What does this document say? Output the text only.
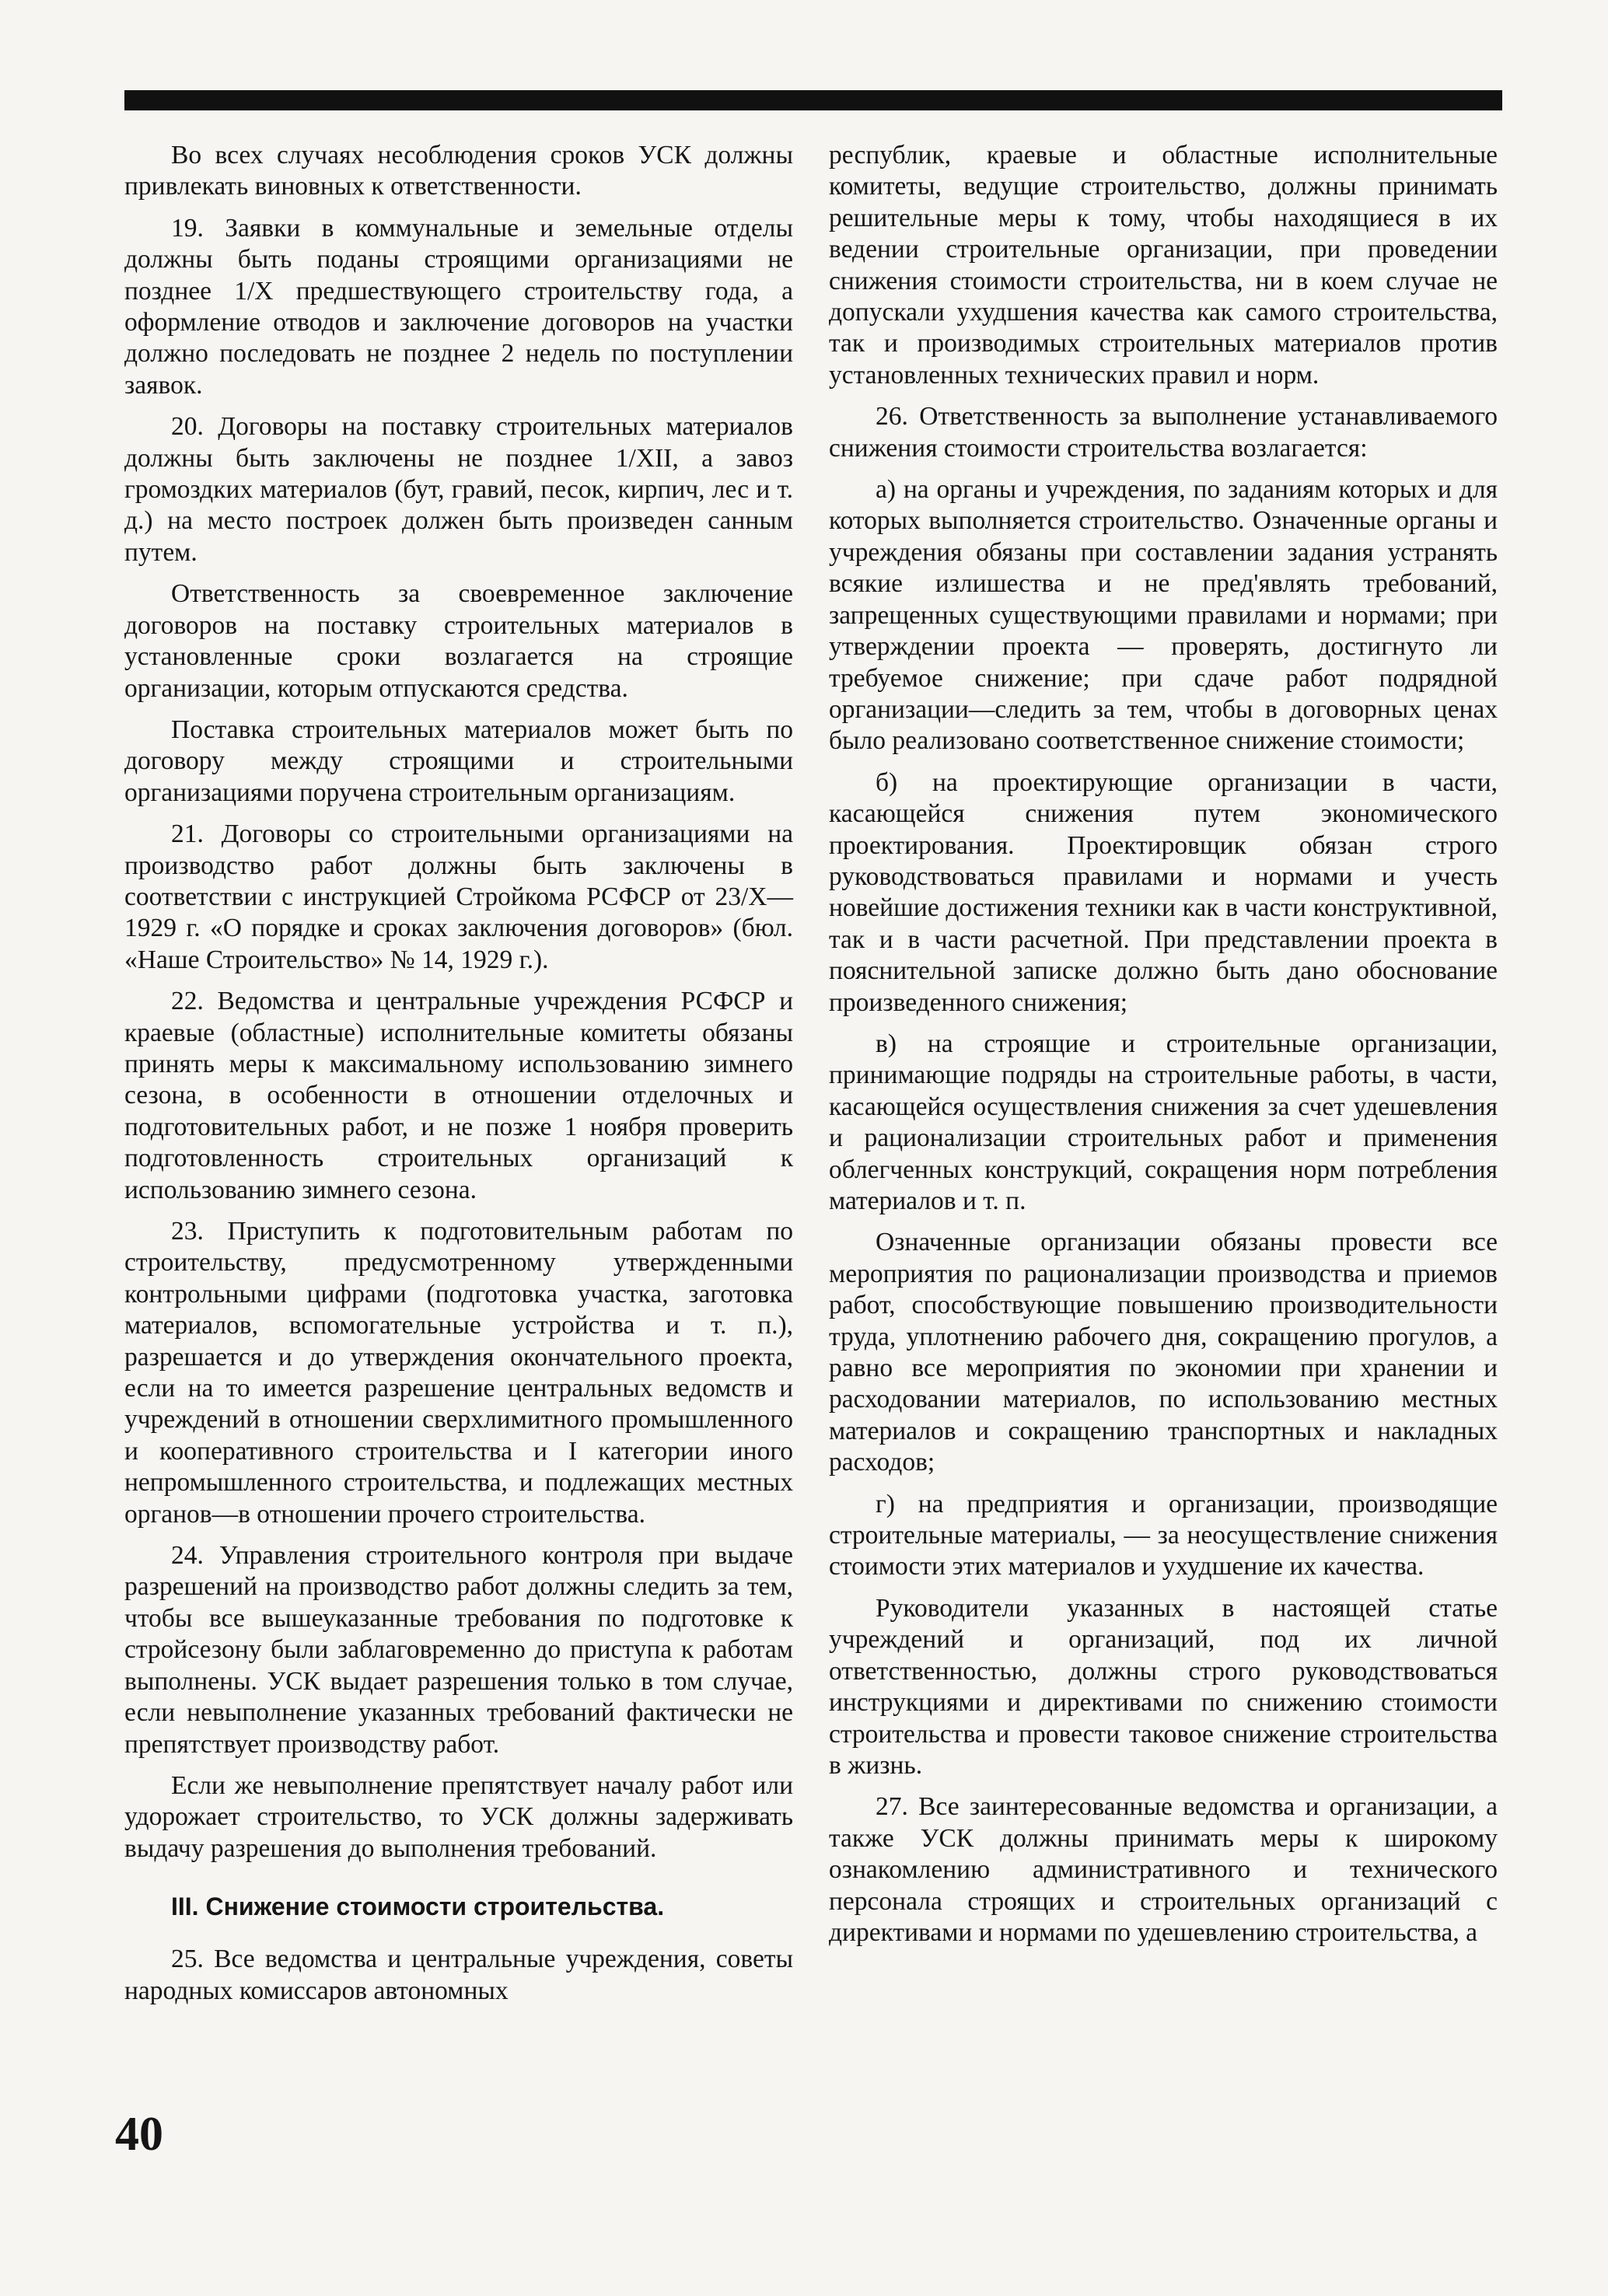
Во всех случаях несоблюдения сроков УСК должны привлекать виновных к ответственности.

19. Заявки в коммунальные и земельные отделы должны быть поданы строящими организациями не позднее 1/X предшествующего строительству года, а оформление отводов и заключение договоров на участки должно последовать не позднее 2 недель по поступлении заявок.

20. Договоры на поставку строительных материалов должны быть заключены не позднее 1/XII, а завоз громоздких материалов (бут, гравий, песок, кирпич, лес и т. д.) на место построек должен быть произведен санным путем.

Ответственность за своевременное заключение договоров на поставку строительных материалов в установленные сроки возлагается на строящие организации, которым отпускаются средства.

Поставка строительных материалов может быть по договору между строящими и строительными организациями поручена строительным организациям.

21. Договоры со строительными организациями на производство работ должны быть заключены в соответствии с инструкцией Стройкома РСФСР от 23/X—1929 г. «О порядке и сроках заключения договоров» (бюл. «Наше Строительство» № 14, 1929 г.).

22. Ведомства и центральные учреждения РСФСР и краевые (областные) исполнительные комитеты обязаны принять меры к максимальному использованию зимнего сезона, в особенности в отношении отделочных и подготовительных работ, и не позже 1 ноября проверить подготовленность строительных организаций к использованию зимнего сезона.

23. Приступить к подготовительным работам по строительству, предусмотренному утвержденными контрольными цифрами (подготовка участка, заготовка материалов, вспомогательные устройства и т. п.), разрешается и до утверждения окончательного проекта, если на то имеется разрешение центральных ведомств и учреждений в отношении сверхлимитного промышленного и кооперативного строительства и I категории иного непромышленного строительства, и подлежащих местных органов—в отношении прочего строительства.

24. Управления строительного контроля при выдаче разрешений на производство работ должны следить за тем, чтобы все вышеуказанные требования по подготовке к стройсезону были заблаговременно до приступа к работам выполнены. УСК выдает разрешения только в том случае, если невыполнение указанных требований фактически не препятствует производству работ.

Если же невыполнение препятствует началу работ или удорожает строительство, то УСК должны задерживать выдачу разрешения до выполнения требований.

III. Снижение стоимости строительства.

25. Все ведомства и центральные учреждения, советы народных комиссаров автономных

республик, краевые и областные исполнительные комитеты, ведущие строительство, должны принимать решительные меры к тому, чтобы находящиеся в их ведении строительные организации, при проведении снижения стоимости строительства, ни в коем случае не допускали ухудшения качества как самого строительства, так и производимых строительных материалов против установленных технических правил и норм.

26. Ответственность за выполнение устанавливаемого снижения стоимости строительства возлагается:

а) на органы и учреждения, по заданиям которых и для которых выполняется строительство. Означенные органы и учреждения обязаны при составлении задания устранять всякие излишества и не пред'являть требований, запрещенных существующими правилами и нормами; при утверждении проекта — проверять, достигнуто ли требуемое снижение; при сдаче работ подрядной организации—следить за тем, чтобы в договорных ценах было реализовано соответственное снижение стоимости;

б) на проектирующие организации в части, касающейся снижения путем экономического проектирования. Проектировщик обязан строго руководствоваться правилами и нормами и учесть новейшие достижения техники как в части конструктивной, так и в части расчетной. При представлении проекта в пояснительной записке должно быть дано обоснование произведенного снижения;

в) на строящие и строительные организации, принимающие подряды на строительные работы, в части, касающейся осуществления снижения за счет удешевления и рационализации строительных работ и применения облегченных конструкций, сокращения норм потребления материалов и т. п.

Означенные организации обязаны провести все мероприятия по рационализации производства и приемов работ, способствующие повышению производительности труда, уплотнению рабочего дня, сокращению прогулов, а равно все мероприятия по экономии при хранении и расходовании материалов, по использованию местных материалов и сокращению транспортных и накладных расходов;

г) на предприятия и организации, производящие строительные материалы, — за неосуществление снижения стоимости этих материалов и ухудшение их качества.

Руководители указанных в настоящей статье учреждений и организаций, под их личной ответственностью, должны строго руководствоваться инструкциями и директивами по снижению стоимости строительства и провести таковое снижение строительства в жизнь.

27. Все заинтересованные ведомства и организации, а также УСК должны принимать меры к широкому ознакомлению административного и технического персонала строящих и строительных организаций с директивами и нормами по удешевлению строительства, а

40
